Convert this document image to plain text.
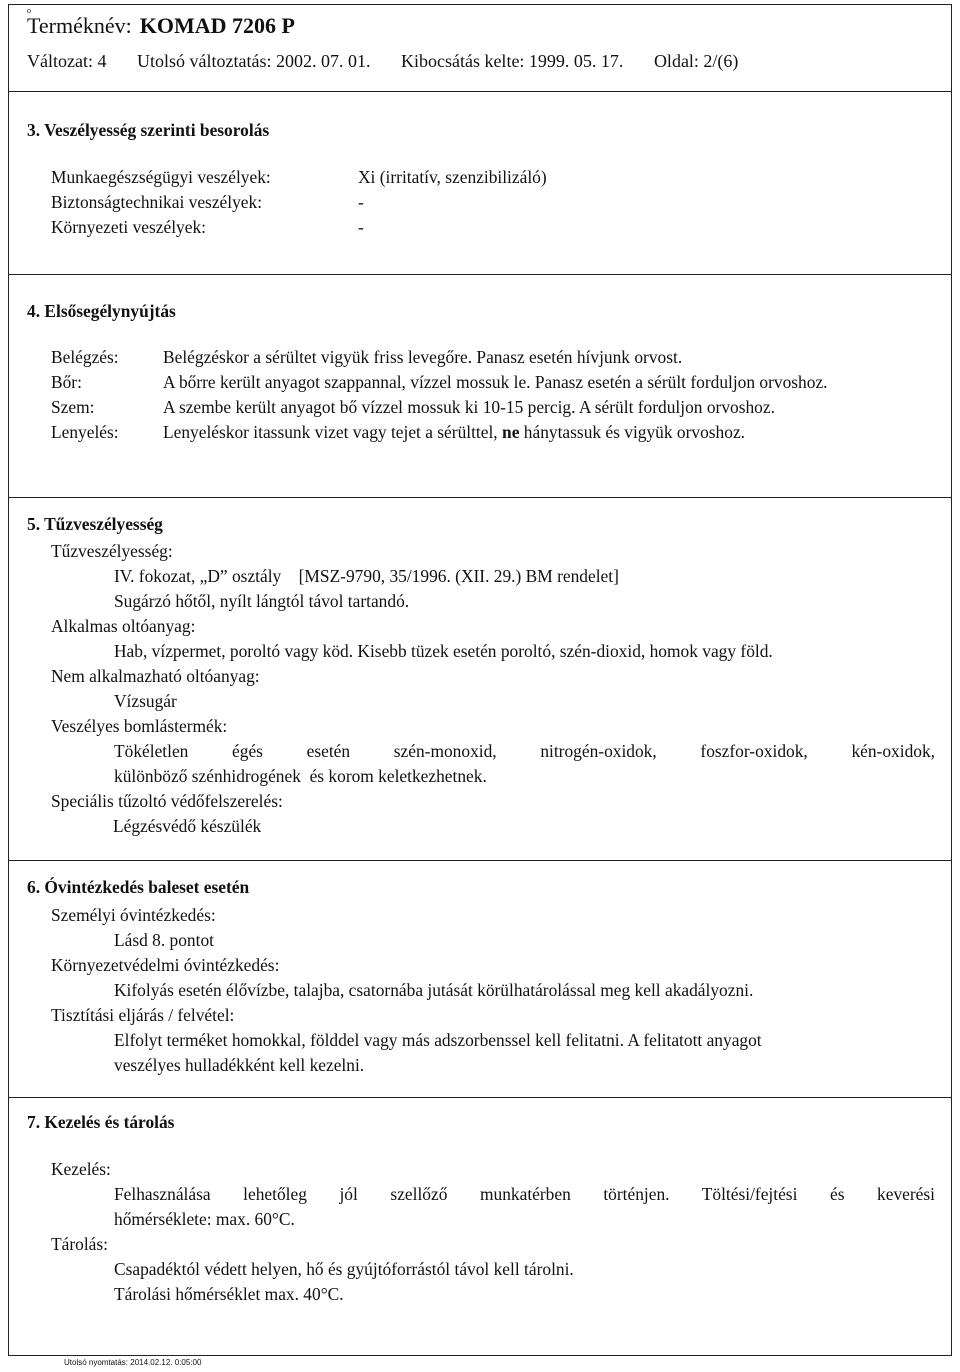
o
Terméknév: KOMAD 7206 P
Változat: 4 Utolsó változtatás: 2002. 07. 01. Kibocsátás kelte: 1999. 05. 17. Oldal: 2/(6)
3. Veszélyesség szerinti besorolás
Munkaegészségügyi veszélyek:	Xi (irritatív, szenzibilizáló)
Biztonságtechnikai veszélyek:	-
Környezeti veszélyek:	-
4. Elsősegélynyújtás
Belégzés:	Belégzéskor a sérültet vigyük friss levegőre. Panasz esetén hívjunk orvost.
Bőr:	A bőrre került anyagot szappannal, vízzel mossuk le. Panasz esetén a sérült forduljon orvoshoz.
Szem:	A szembe került anyagot bő vízzel mossuk ki 10-15 percig. A sérült forduljon orvoshoz.
Lenyelés:	Lenyeléskor itassunk vizet vagy tejet a sérülttel, ne hánytassuk és vigyük orvoshoz.
5. Tűzveszélyesség
Tűzveszélyesség:
IV. fokozat, „D” osztály    [MSZ-9790, 35/1996. (XII. 29.) BM rendelet]
Sugárzó hőtől, nyílt lángtól távol tartandó.
Alkalmas oltóanyag:
Hab, vízpermet, poroltó vagy köd. Kisebb tüzek esetén poroltó, szén-dioxid, homok vagy föld.
Nem alkalmazható oltóanyag:
Vízsugár
Veszélyes bomlástermék:
Tökéletlen égés esetén szén-monoxid, nitrogén-oxidok, foszfor-oxidok, kén-oxidok,
különböző szénhidrogének  és korom keletkezhetnek.
Speciális tűzoltó védőfelszerelés:
Légzésvédő készülék
6. Óvintézkedés baleset esetén
Személyi óvintézkedés:
Lásd 8. pontot
Környezetvédelmi óvintézkedés:
Kifolyás esetén élővízbe, talajba, csatornába jutását körülhatárolással meg kell akadályozni.
Tisztítási eljárás / felvétel:
Elfolyt terméket homokkal, földdel vagy más adszorbenssel kell felitatni. A felitatott anyagot
veszélyes hulladékként kell kezelni.
7. Kezelés és tárolás
Kezelés:
Felhasználása lehetőleg jól szellőző munkatérben történjen. Töltési/fejtési és keverési
hőmérséklete: max. 60°C.
Tárolás:
Csapadéktól védett helyen, hő és gyújtóforrástól távol kell tárolni.
Tárolási hőmérséklet max. 40°C.
Utolsó nyomtatás: 2014.02.12. 0:05:00
